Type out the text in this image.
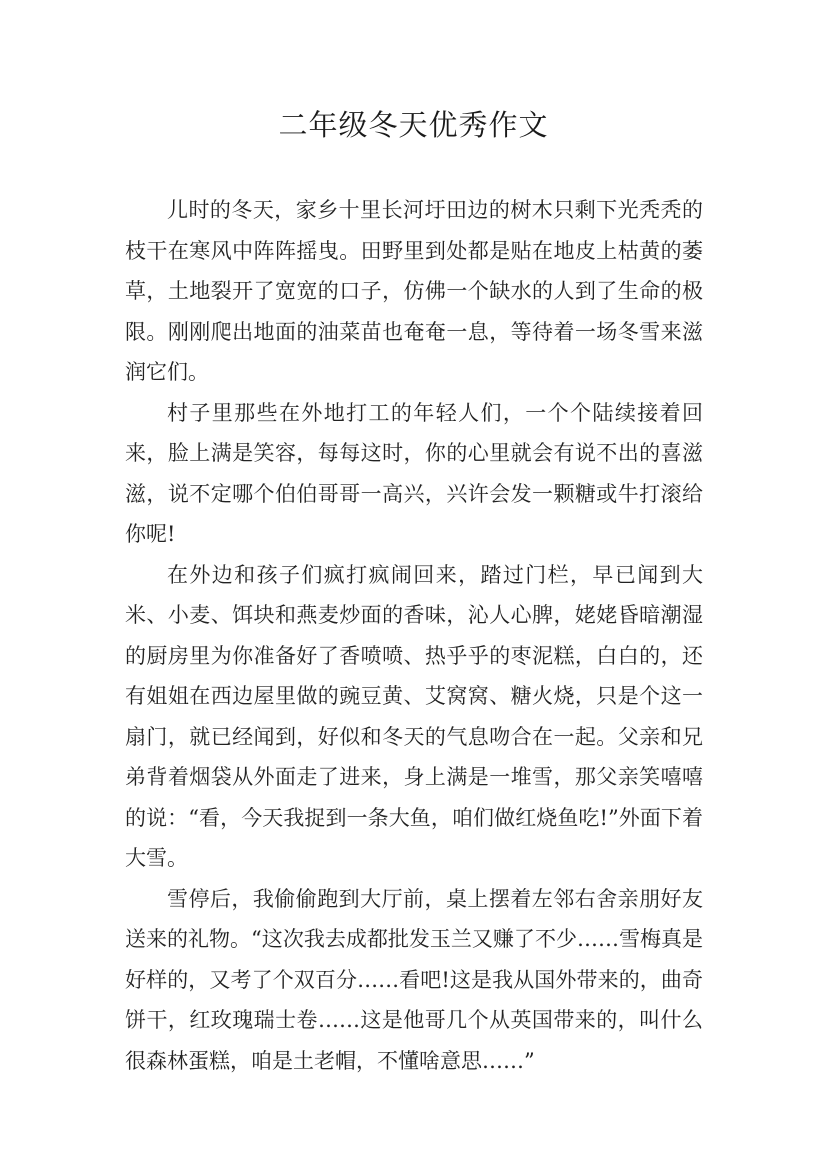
二年级冬天优秀作文

儿时的冬天，家乡十里长河圩田边的树木只剩下光秃秃的枝干在寒风中阵阵摇曳。田野里到处都是贴在地皮上枯黄的萎草，土地裂开了宽宽的口子，仿佛一个缺水的人到了生命的极限。刚刚爬出地面的油菜苗也奄奄一息，等待着一场冬雪来滋润它们。

村子里那些在外地打工的年轻人们，一个个陆续接着回来，脸上满是笑容，每每这时，你的心里就会有说不出的喜滋滋，说不定哪个伯伯哥哥一高兴，兴许会发一颗糖或牛打滚给你呢!

在外边和孩子们疯打疯闹回来，踏过门栏，早已闻到大米、小麦、饵块和燕麦炒面的香味，沁人心脾，姥姥昏暗潮湿的厨房里为你准备好了香喷喷、热乎乎的枣泥糕，白白的，还有姐姐在西边屋里做的豌豆黄、艾窝窝、糖火烧，只是个这一扇门，就已经闻到，好似和冬天的气息吻合在一起。父亲和兄弟背着烟袋从外面走了进来，身上满是一堆雪，那父亲笑嘻嘻的说：“看，今天我捉到一条大鱼，咱们做红烧鱼吃!”外面下着大雪。

雪停后，我偷偷跑到大厅前，桌上摆着左邻右舍亲朋好友送来的礼物。“这次我去成都批发玉兰又赚了不少……雪梅真是好样的，又考了个双百分……看吧!这是我从国外带来的，曲奇饼干，红玫瑰瑞士卷……这是他哥几个从英国带来的，叫什么很森林蛋糕，咱是土老帽，不懂啥意思……”
